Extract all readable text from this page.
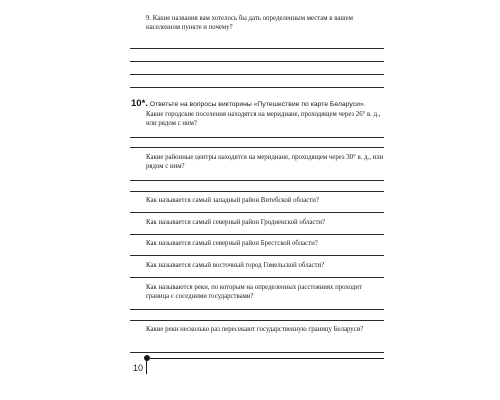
9. Какие названия вам хотелось бы дать определенным местам в вашем населенном пункте и почему?
10*. Ответьте на вопросы викторины «Путешествие по карте Беларуси».
Какие городские поселения находятся на меридиане, проходящем через 26° в. д., или рядом с ним?
Какие районные центры находятся на меридиане, проходящем через 30° в. д., или рядом с ним?
Как называется самый западный район Витебской области?
Как называется самый северный район Гродненской области?
Как называется самый северный район Брестской области?
Как называется самый восточный город Гомельской области?
Как называются реки, по которым на определенных расстояниях проходит граница с соседними государствами?
Какие реки несколько раз пересекают государственную границу Беларуси?
10
